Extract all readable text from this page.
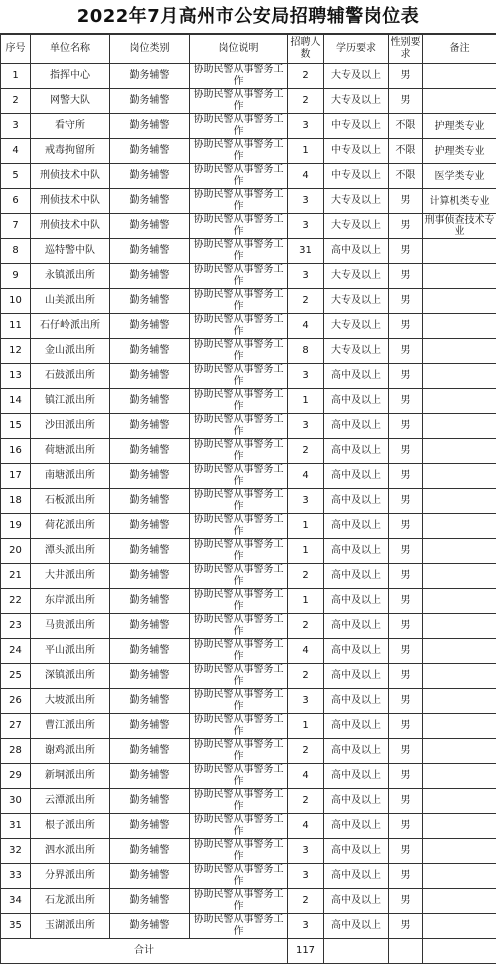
2022年7月高州市公安局招聘辅警岗位表
序号	单位名称	岗位类别	岗位说明	招聘人数	学历要求	性别要求	备注
1	指挥中心	勤务辅警	协助民警从事警务工作	2	大专及以上	男	
2	网警大队	勤务辅警	协助民警从事警务工作	2	大专及以上	男	
3	看守所	勤务辅警	协助民警从事警务工作	3	中专及以上	不限	护理类专业
4	戒毒拘留所	勤务辅警	协助民警从事警务工作	1	中专及以上	不限	护理类专业
5	刑侦技术中队	勤务辅警	协助民警从事警务工作	4	中专及以上	不限	医学类专业
6	刑侦技术中队	勤务辅警	协助民警从事警务工作	3	大专及以上	男	计算机类专业
7	刑侦技术中队	勤务辅警	协助民警从事警务工作	3	大专及以上	男	刑事侦查技术专业
8	巡特警中队	勤务辅警	协助民警从事警务工作	31	高中及以上	男	
9	永镇派出所	勤务辅警	协助民警从事警务工作	3	大专及以上	男	
10	山美派出所	勤务辅警	协助民警从事警务工作	2	大专及以上	男	
11	石仔岭派出所	勤务辅警	协助民警从事警务工作	4	大专及以上	男	
12	金山派出所	勤务辅警	协助民警从事警务工作	8	大专及以上	男	
13	石鼓派出所	勤务辅警	协助民警从事警务工作	3	高中及以上	男	
14	镇江派出所	勤务辅警	协助民警从事警务工作	1	高中及以上	男	
15	沙田派出所	勤务辅警	协助民警从事警务工作	3	高中及以上	男	
16	荷塘派出所	勤务辅警	协助民警从事警务工作	2	高中及以上	男	
17	南塘派出所	勤务辅警	协助民警从事警务工作	4	高中及以上	男	
18	石板派出所	勤务辅警	协助民警从事警务工作	3	高中及以上	男	
19	荷花派出所	勤务辅警	协助民警从事警务工作	1	高中及以上	男	
20	潭头派出所	勤务辅警	协助民警从事警务工作	1	高中及以上	男	
21	大井派出所	勤务辅警	协助民警从事警务工作	2	高中及以上	男	
22	东岸派出所	勤务辅警	协助民警从事警务工作	1	高中及以上	男	
23	马贵派出所	勤务辅警	协助民警从事警务工作	2	高中及以上	男	
24	平山派出所	勤务辅警	协助民警从事警务工作	4	高中及以上	男	
25	深镇派出所	勤务辅警	协助民警从事警务工作	2	高中及以上	男	
26	大坡派出所	勤务辅警	协助民警从事警务工作	3	高中及以上	男	
27	曹江派出所	勤务辅警	协助民警从事警务工作	1	高中及以上	男	
28	谢鸡派出所	勤务辅警	协助民警从事警务工作	2	高中及以上	男	
29	新垌派出所	勤务辅警	协助民警从事警务工作	4	高中及以上	男	
30	云潭派出所	勤务辅警	协助民警从事警务工作	2	高中及以上	男	
31	根子派出所	勤务辅警	协助民警从事警务工作	4	高中及以上	男	
32	泗水派出所	勤务辅警	协助民警从事警务工作	3	高中及以上	男	
33	分界派出所	勤务辅警	协助民警从事警务工作	3	高中及以上	男	
34	石龙派出所	勤务辅警	协助民警从事警务工作	2	高中及以上	男	
35	玉湖派出所	勤务辅警	协助民警从事警务工作	3	高中及以上	男	
合计				117			
